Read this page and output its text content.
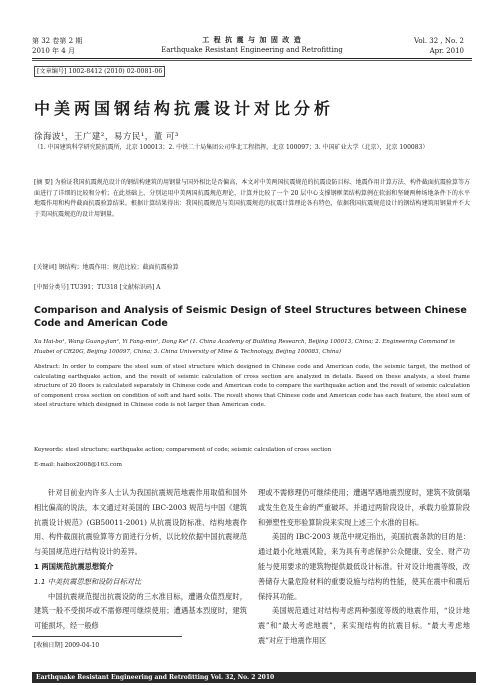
第 32 卷第 2 期
2010 年 4 月
工 程 抗 震 与 加 固 改 造
Earthquake Resistant Engineering and Retrofitting
Vol. 32 , No. 2
Apr. 2010
[文章编号] 1002-8412 (2010) 02-0081-06
中美两国钢结构抗震设计对比分析
徐海波¹，王广建²，易方民¹，董 可³
（1. 中国建筑科学研究院抗震所，北京 100013；2. 中铁二十局集团公司华北工程指挥，北京 100097；3. 中国矿业大学（北京），北京 100083）
[摘 要] 为验证我国抗震规范设计的钢结构建筑的用钢量与国外相比是否偏高，本文对中美两国抗震规范的抗震设防目标、地震作用计算方法、构件截面抗震验算等方面进行了详细的比较和分析；在此基础上，分别运用中美两国抗震规范理论，计算并比较了一个 20 层中心支撑钢框架结构算例在软弱和坚硬两种场地条件下的水平地震作用和构件截面抗震验算结果。根据计算结果得出：我国抗震规范与美国抗震规范的抗震计算理论各有特色，依据我国抗震规范设计的钢结构建筑用钢量并不大于美国抗震规范的设计用钢量。
[关键词] 钢结构；地震作用；规范比较；截面抗震验算
[中图分类号] TU391；TU318 [文献标识码] A
Comparison and Analysis of Seismic Design of Steel Structures between Chinese Code and American Code
Xu Hai-bo¹, Wang Guang-jian², Yi Fang-min¹, Dong Ke³ (1. China Academy of Building Research, Beijing 100013, China; 2. Engineering Command in Huabei of CR20G, Beijing 100097, China; 3. China University of Mine & Technology, Beijing 100083, China)
Abstract: In order to compare the steel sum of steel structure which designed in Chinese code and American code, the seismic target, the method of calculating earthquake action, and the result of seismic calculation of cross section are analyzed in details. Based on these analysis, a steel frame structure of 20 floors is calculated separately in Chinese code and American code to compare the earthquake action and the result of seismic calculation of component cross section on condition of soft and hard soils. The result shows that Chinese code and American code has each feature, the steel sum of steel structure which designed in Chinese code is not larger than American code.
Keywords: steel structure; earthquake action; comparement of code; seismic calculation of cross section
E-mail: haibox2008@163.com
针对目前业内许多人士认为我国抗震规范地震作用取值和国外相比偏高的说法，本文通过对美国的 IBC-2003 规范与中国《建筑抗震设计规范》(GB50011-2001) 从抗震设防标准、结构地震作用、构件截面抗震验算等方面进行分析，以比较依据中国抗震规范与美国规范进行结构设计的差异。
1 两国规范抗震思想简介
1.1 中美抗震思想和设防目标对比
中国抗震规范提出抗震设防的三水准目标，遭遇众值烈度时，建筑一般不受损坏或不需修理可继续使用；遭遇基本烈度时，建筑可能损坏，经一般修
理或不需修理仍可继续使用；遭遇罕遇地震烈度时，建筑不致倒塌或发生危及生命的严重破坏。并通过两阶段设计，承载力验算阶段和弹塑性变形验算阶段来实现上述三个水准的目标。
美国的 IBC-2003 规范中规定指出，美国抗震条款的目的是：通过最小化地震风险，来为具有考虑保护公众健康、安全、财产功能与使用要求的建筑物提供最低设计标准。针对设计地震等级，改善储存大量危险材料的重要设施与结构的性能，使其在震中和震后保持其功能。
美国规范通过对结构考虑两种强度等级的地震作用，“设计地震”和“最大考虑地震”，来实现结构的抗震目标。“最大考虑地震”对应于地震作用区
[收稿日期] 2009-04-10
Earthquake Resistant Engineering and Retrofitting Vol. 32, No. 2 2010
